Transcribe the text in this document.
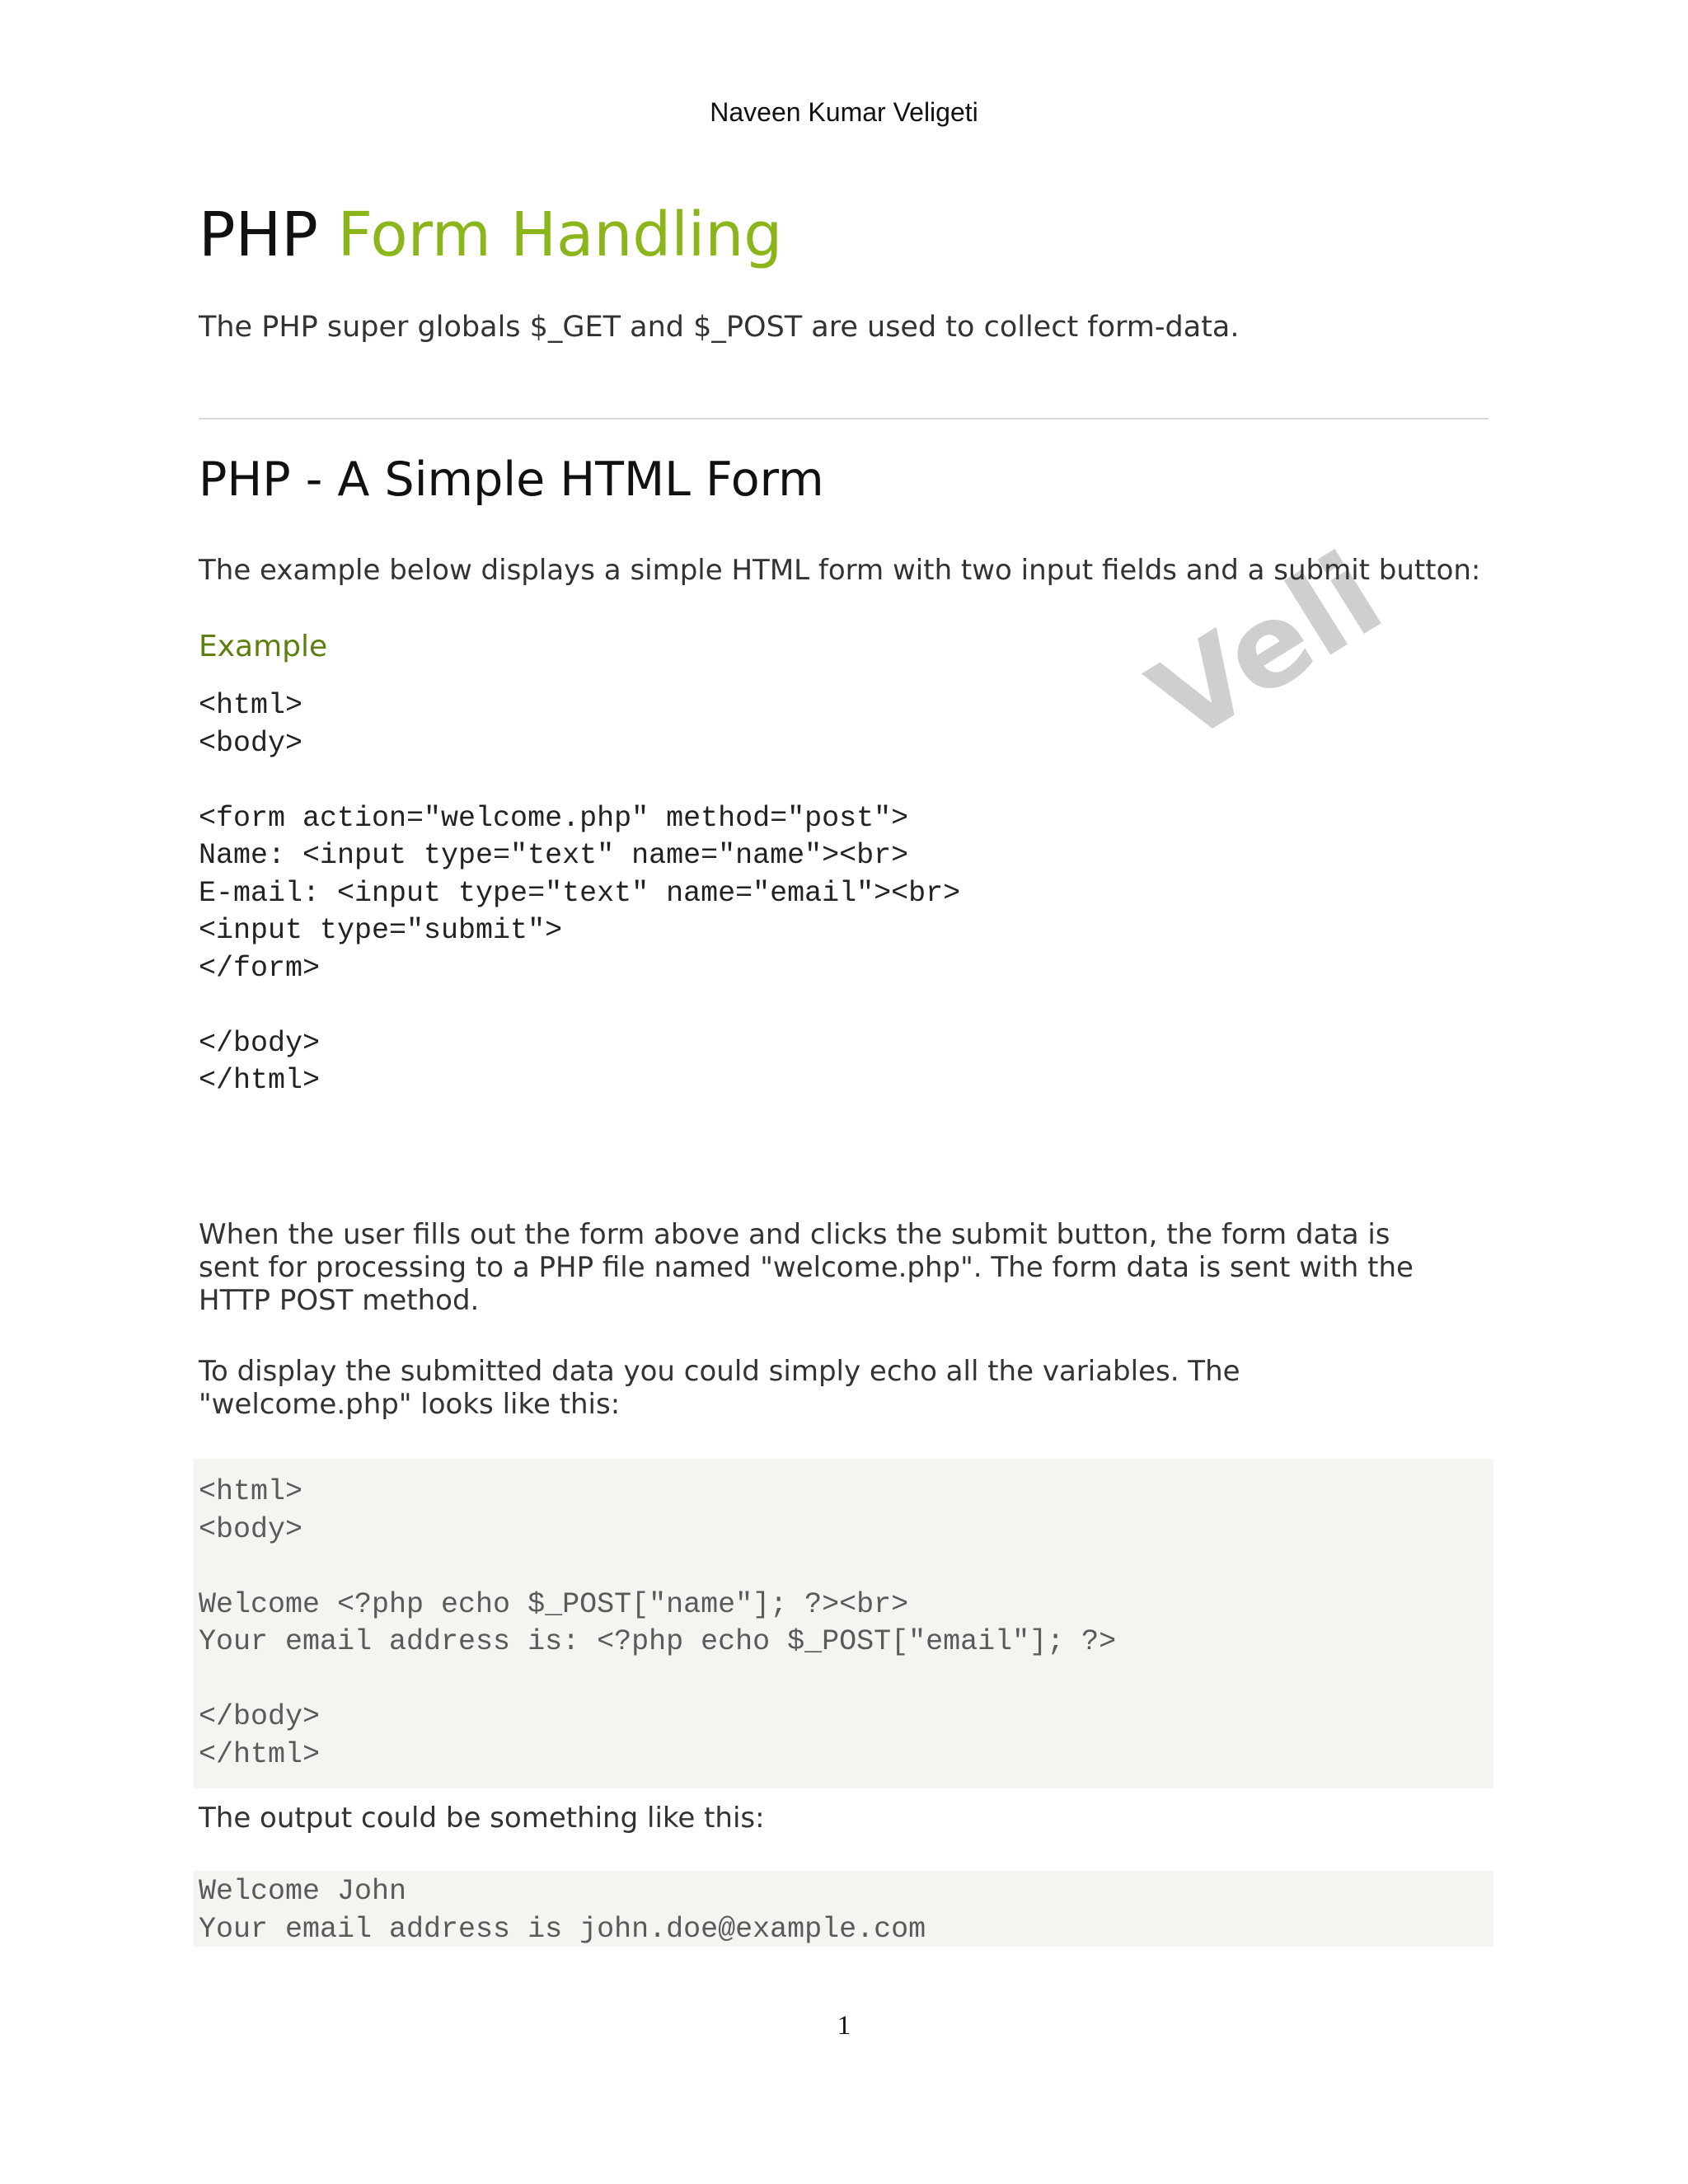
Naveen Kumar Veligeti
Veli
PHP Form Handling

The PHP super globals $_GET and $_POST are used to collect form-data.

PHP - A Simple HTML Form

The example below displays a simple HTML form with two input fields and a submit button:

Example
<html>
<body>

<form action="welcome.php" method="post">
Name: <input type="text" name="name"><br>
E-mail: <input type="text" name="email"><br>
<input type="submit">
</form>

</body>
</html>

When the user fills out the form above and clicks the submit button, the form data is sent for processing to a PHP file named "welcome.php". The form data is sent with the HTTP POST method.

To display the submitted data you could simply echo all the variables. The "welcome.php" looks like this:

<html>
<body>

Welcome <?php echo $_POST["name"]; ?><br>
Your email address is: <?php echo $_POST["email"]; ?>

</body>
</html>

The output could be something like this:

Welcome John
Your email address is john.doe@example.com
1
